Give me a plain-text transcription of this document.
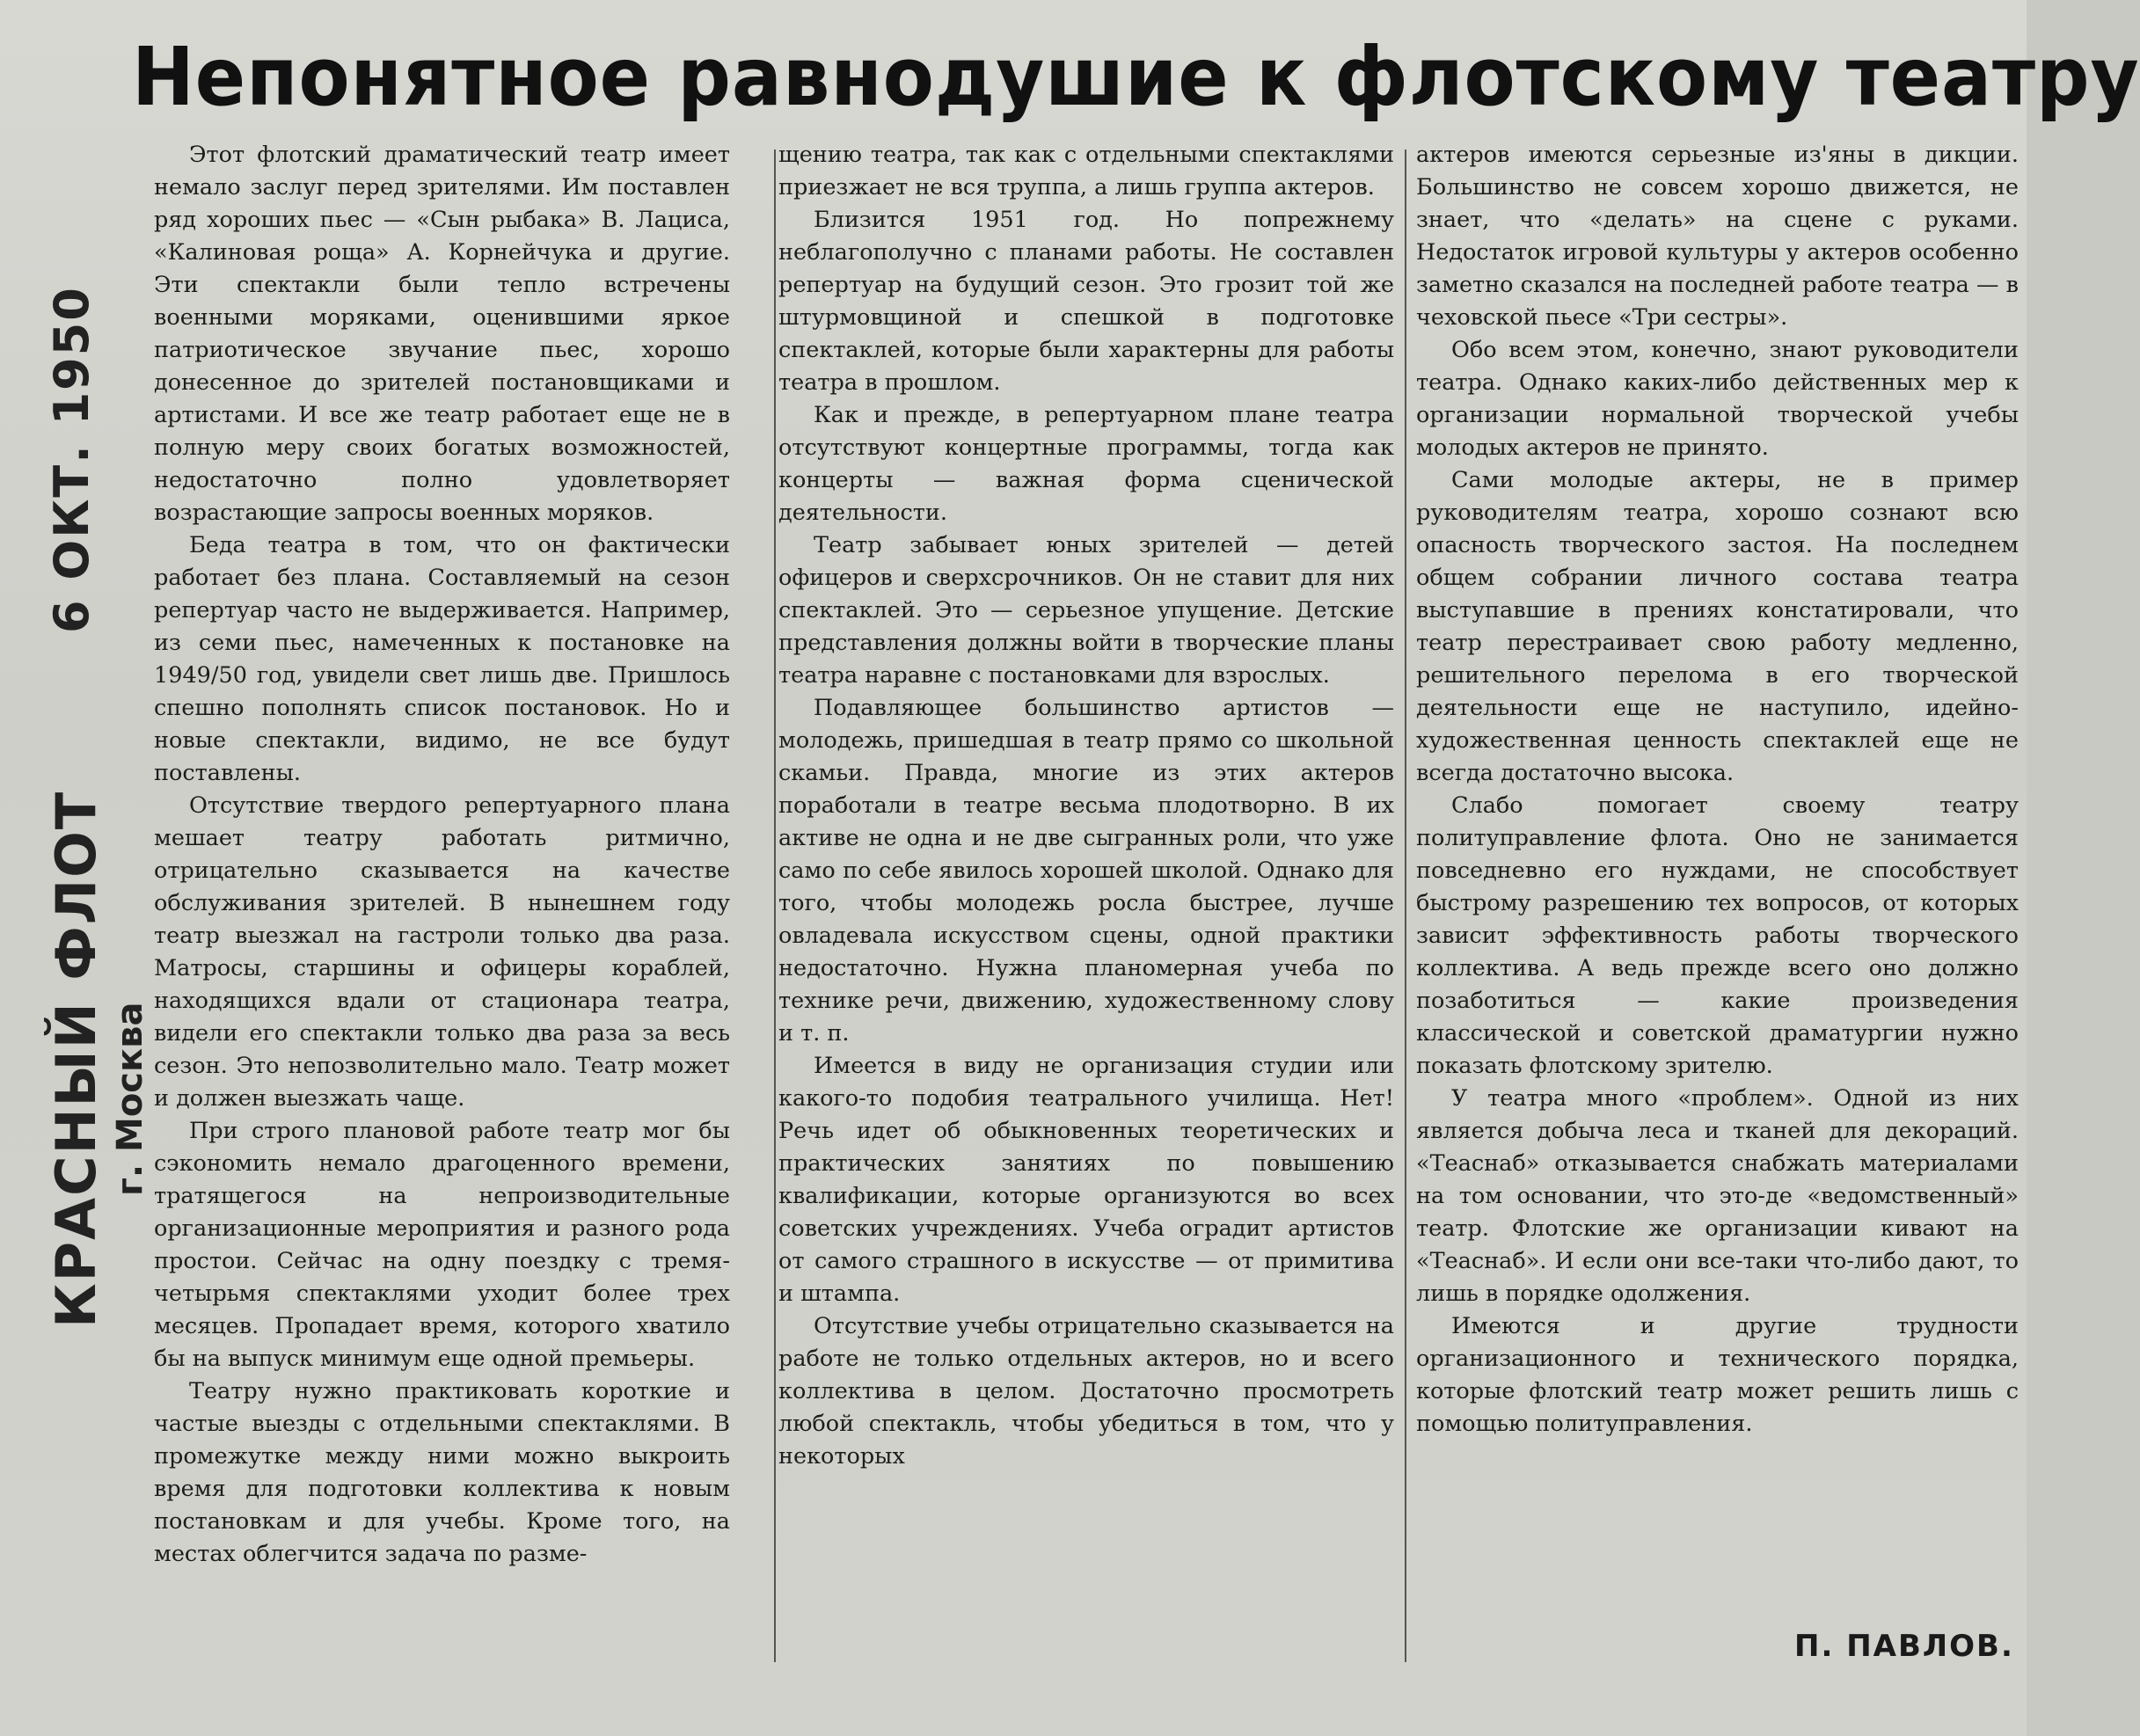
Непонятное равнодушие к флотскому театру
6 ОКТ. 1950
КРАСНЫЙ ФЛОТ г. Москва

Этот флотский драматический театр имеет немало заслуг перед зрителями. Им поставлен ряд хороших пьес — «Сын рыбака» В. Лациса, «Калиновая роща» А. Корнейчука и другие. Эти спектакли были тепло встречены военными моряками, оценившими яркое патриотическое звучание пьес, хорошо донесенное до зрителей постановщиками и артистами. И все же театр работает еще не в полную меру своих богатых возможностей, недостаточно полно удовлетворяет возрастающие запросы военных моряков.

Беда театра в том, что он фактически работает без плана. Составляемый на сезон репертуар часто не выдерживается. Например, из семи пьес, намеченных к постановке на 1949/50 год, увидели свет лишь две. Пришлось спешно пополнять список постановок. Но и новые спектакли, видимо, не все будут поставлены.

Отсутствие твердого репертуарного плана мешает театру работать ритмично, отрицательно сказывается на качестве обслуживания зрителей. В нынешнем году театр выезжал на гастроли только два раза. Матросы, старшины и офицеры кораблей, находящихся вдали от стационара театра, видели его спектакли только два раза за весь сезон. Это непозволительно мало. Театр может и должен выезжать чаще.

При строго плановой работе театр мог бы сэкономить немало драгоценного времени, тратящегося на непроизводительные организационные мероприятия и разного рода простои. Сейчас на одну поездку с тремя-четырьмя спектаклями уходит более трех месяцев. Пропадает время, которого хватило бы на выпуск минимум еще одной премьеры.

Театру нужно практиковать короткие и частые выезды с отдельными спектаклями. В промежутке между ними можно выкроить время для подготовки коллектива к новым постановкам и для учебы. Кроме того, на местах облегчится задача по разме-

щению театра, так как с отдельными спектаклями приезжает не вся труппа, а лишь группа актеров.

Близится 1951 год. Но попрежнему неблагополучно с планами работы. Не составлен репертуар на будущий сезон. Это грозит той же штурмовщиной и спешкой в подготовке спектаклей, которые были характерны для работы театра в прошлом.

Как и прежде, в репертуарном плане театра отсутствуют концертные программы, тогда как концерты — важная форма сценической деятельности.

Театр забывает юных зрителей — детей офицеров и сверхсрочников. Он не ставит для них спектаклей. Это — серьезное упущение. Детские представления должны войти в творческие планы театра наравне с постановками для взрослых.

Подавляющее большинство артистов — молодежь, пришедшая в театр прямо со школьной скамьи. Правда, многие из этих актеров поработали в театре весьма плодотворно. В их активе не одна и не две сыгранных роли, что уже само по себе явилось хорошей школой. Однако для того, чтобы молодежь росла быстрее, лучше овладевала искусством сцены, одной практики недостаточно. Нужна планомерная учеба по технике речи, движению, художественному слову и т. п.

Имеется в виду не организация студии или какого-то подобия театрального училища. Нет! Речь идет об обыкновенных теоретических и практических занятиях по повышению квалификации, которые организуются во всех советских учреждениях. Учеба оградит артистов от самого страшного в искусстве — от примитива и штампа.

Отсутствие учебы отрицательно сказывается на работе не только отдельных актеров, но и всего коллектива в целом. Достаточно просмотреть любой спектакль, чтобы убедиться в том, что у некоторых

актеров имеются серьезные из'яны в дикции. Большинство не совсем хорошо движется, не знает, что «делать» на сцене с руками. Недостаток игровой культуры у актеров особенно заметно сказался на последней работе театра — в чеховской пьесе «Три сестры».

Обо всем этом, конечно, знают руководители театра. Однако каких-либо действенных мер к организации нормальной творческой учебы молодых актеров не принято.

Сами молодые актеры, не в пример руководителям театра, хорошо сознают всю опасность творческого застоя. На последнем общем собрании личного состава театра выступавшие в прениях констатировали, что театр перестраивает свою работу медленно, решительного перелома в его творческой деятельности еще не наступило, идейно-художественная ценность спектаклей еще не всегда достаточно высока.

Слабо помогает своему театру политуправление флота. Оно не занимается повседневно его нуждами, не способствует быстрому разрешению тех вопросов, от которых зависит эффективность работы творческого коллектива. А ведь прежде всего оно должно позаботиться — какие произведения классической и советской драматургии нужно показать флотскому зрителю.

У театра много «проблем». Одной из них является добыча леса и тканей для декораций. «Теаснаб» отказывается снабжать материалами на том основании, что это-де «ведомственный» театр. Флотские же организации кивают на «Теаснаб». И если они все-таки что-либо дают, то лишь в порядке одолжения.

Имеются и другие трудности организационного и технического порядка, которые флотский театр может решить лишь с помощью политуправления.

П. ПАВЛОВ.
